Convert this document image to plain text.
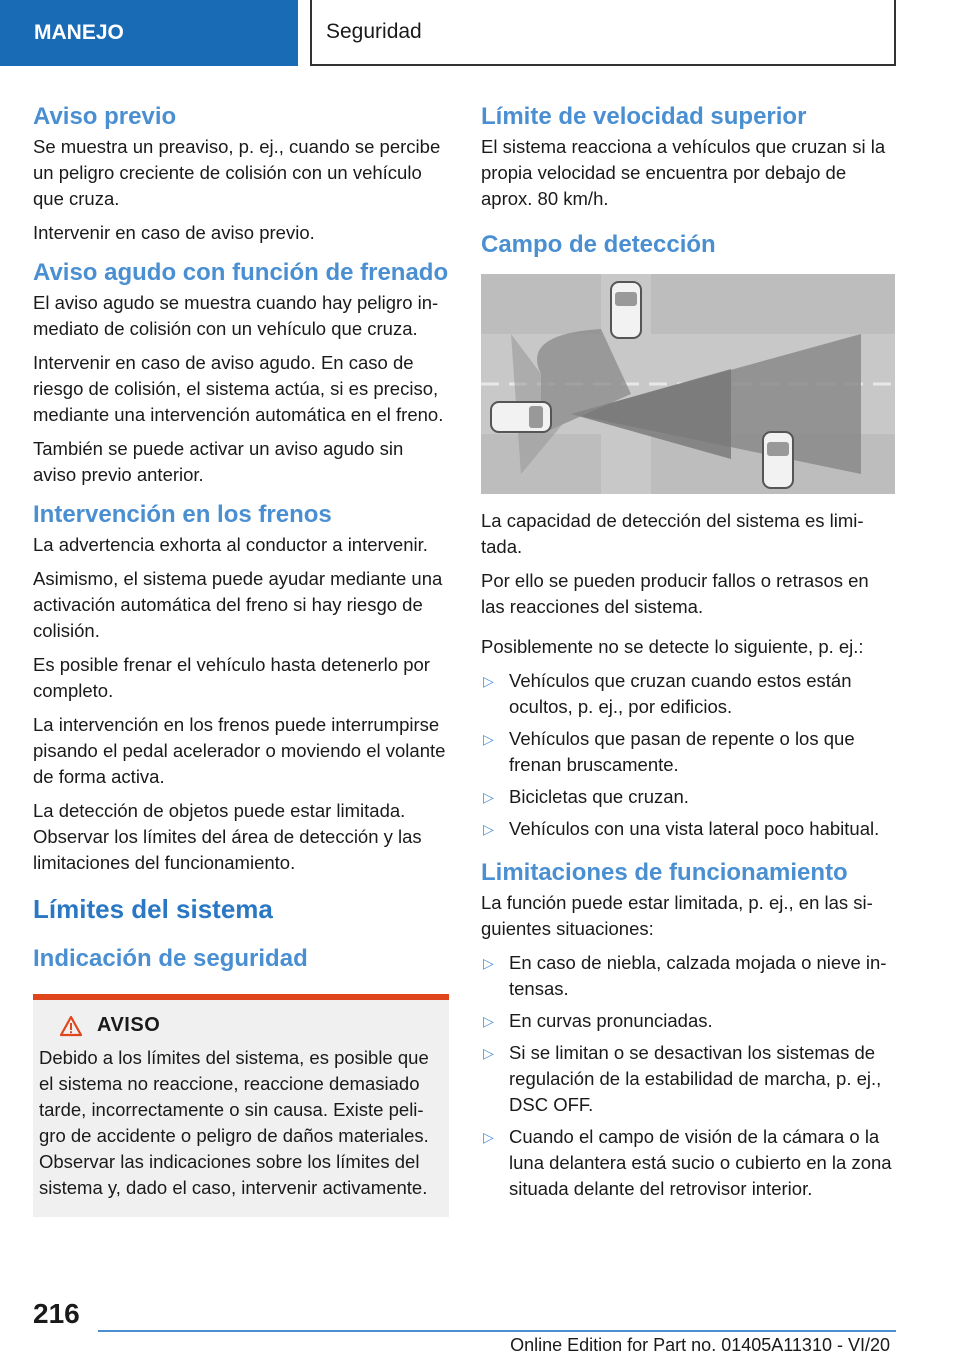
MANEJO	Seguridad
Aviso previo

Se muestra un preaviso, p. ej., cuando se percibe un peligro creciente de colisión con un vehículo que cruza.

Intervenir en caso de aviso previo.

Aviso agudo con función de frenado

El aviso agudo se muestra cuando hay peligro inmediato de colisión con un vehículo que cruza.

Intervenir en caso de aviso agudo. En caso de riesgo de colisión, el sistema actúa, si es preciso, mediante una intervención automática en el freno.

También se puede activar un aviso agudo sin aviso previo anterior.

Intervención en los frenos

La advertencia exhorta al conductor a intervenir.

Asimismo, el sistema puede ayudar mediante una activación automática del freno si hay riesgo de colisión.

Es posible frenar el vehículo hasta detenerlo por completo.

La intervención en los frenos puede interrumpirse pisando el pedal acelerador o moviendo el volante de forma activa.

La detección de objetos puede estar limitada. Observar los límites del área de detección y las limitaciones del funcionamiento.

Límites del sistema
Indicación de seguridad
AVISO

Debido a los límites del sistema, es posible que el sistema no reaccione, reaccione demasiado tarde, incorrectamente o sin causa. Existe peligro de accidente o peligro de daños materiales. Observar las indicaciones sobre los límites del sistema y, dado el caso, intervenir activamente.

Límite de velocidad superior

El sistema reacciona a vehículos que cruzan si la propia velocidad se encuentra por debajo de aprox. 80 km/h.

Campo de detección

La capacidad de detección del sistema es limitada.

Por ello se pueden producir fallos o retrasos en las reacciones del sistema.

Posiblemente no se detecte lo siguiente, p. ej.:

▷ Vehículos que cruzan cuando estos están ocultos, p. ej., por edificios.
▷ Vehículos que pasan de repente o los que frenan bruscamente.
▷ Bicicletas que cruzan.
▷ Vehículos con una vista lateral poco habitual.
Limitaciones de funcionamiento

La función puede estar limitada, p. ej., en las siguientes situaciones:

▷ En caso de niebla, calzada mojada o nieve intensas.
▷ En curvas pronunciadas.
▷ Si se limitan o se desactivan los sistemas de regulación de la estabilidad de marcha, p. ej., DSC OFF.
▷ Cuando el campo de visión de la cámara o la luna delantera está sucio o cubierto en la zona situada delante del retrovisor interior.
216
Online Edition for Part no. 01405A11310 - VI/20
